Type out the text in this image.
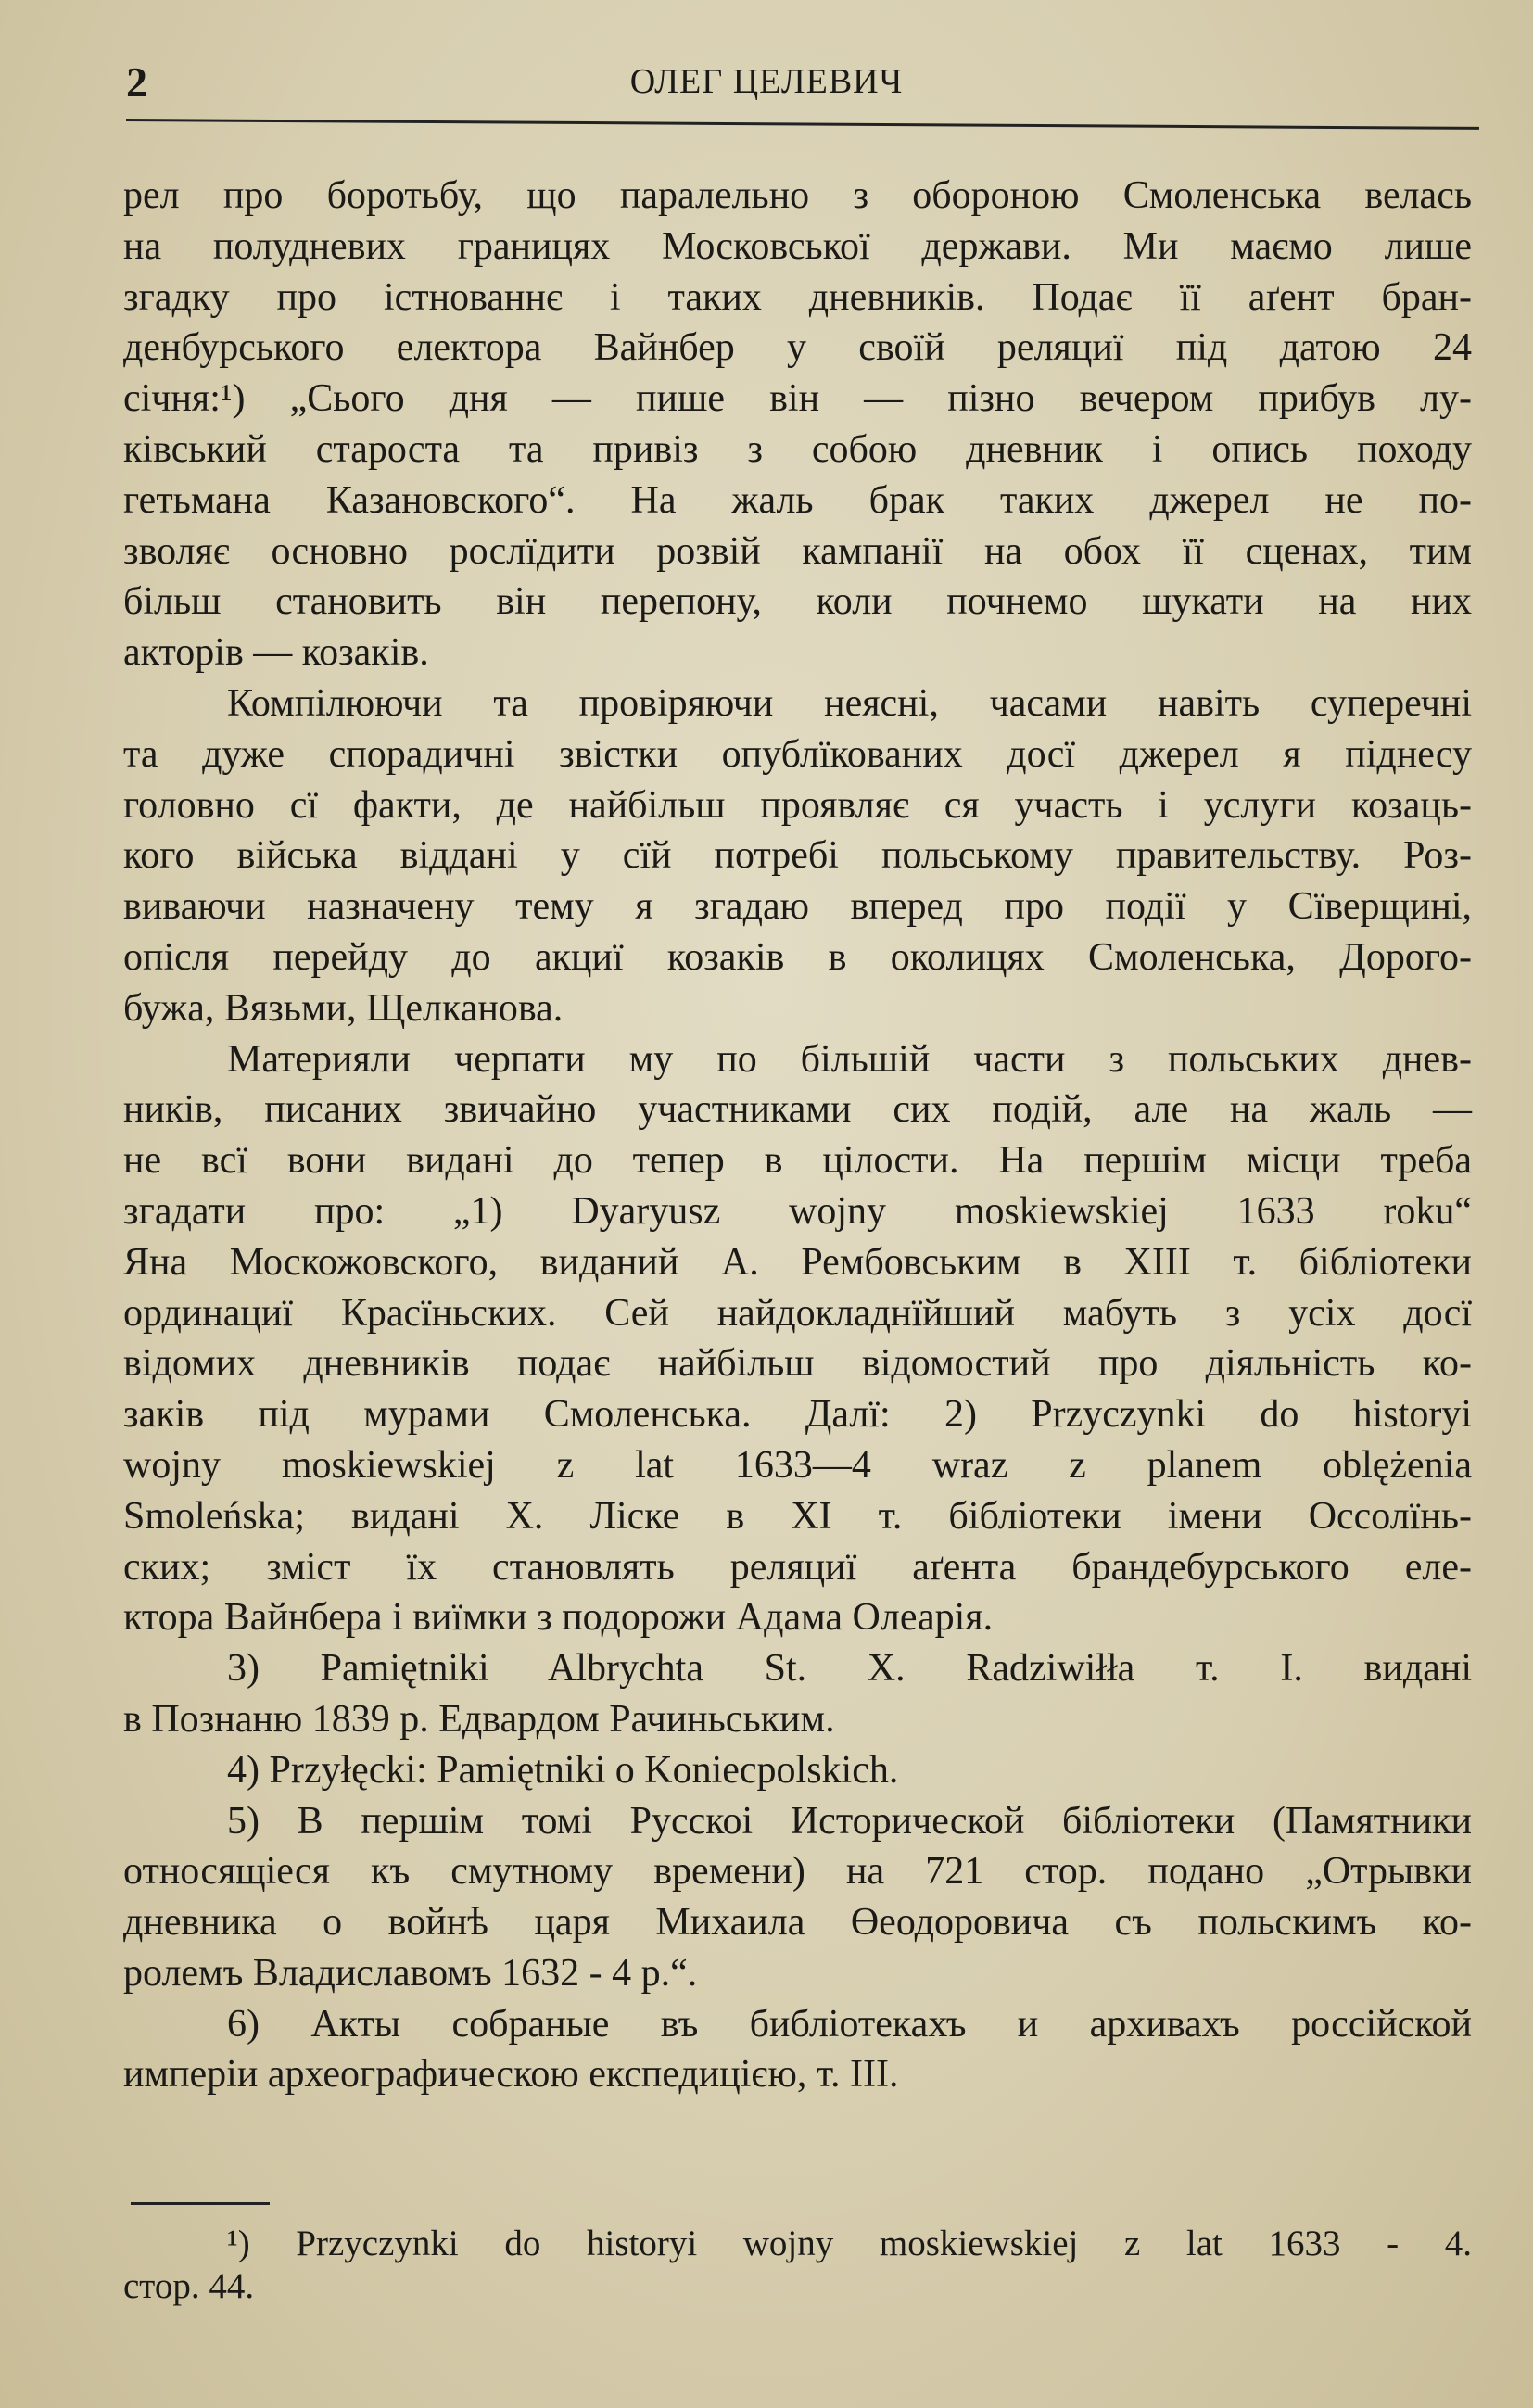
2	ОЛЕГ ЦЕЛЕВИЧ
рел про боротьбу, що паралельно з обороною Смоленська велась
на полудневих границях Московської держави. Ми маємо лише
згадку про істнованнє і таких дневників. Подає її аґент бран-
денбурського електора Вайнбер у своїй реляциї під датою 24
січня:¹) „Сього дня — пише він — пізно вечером прибув лу-
ківський староста та привіз з собою дневник і опись походу
гетьмана Казановского“. На жаль брак таких джерел не по-
зволяє основно рослїдити розвій кампанії на обох її сценах, тим
більш становить він перепону, коли почнемо шукати на них
акторів — козаків.
Компілюючи та провіряючи неясні, часами навіть суперечні
та дуже спорадичні звістки опублїкованих досї джерел я піднесу
головно сї факти, де найбільш проявляє ся участь і услуги козаць-
кого війська віддані у сїй потребі польському правительству. Роз-
виваючи назначену тему я згадаю вперед про події у Сїверщині,
опісля перейду до акциї козаків в околицях Смоленська, Дорого-
бужа, Вязьми, Щелканова.
Материяли черпати му по більшій части з польських днев-
ників, писаних звичайно участниками сих подій, але на жаль —
не всї вони видані до тепер в цілости. На першім місци треба
згадати про: „1) Dyaryusz wojny moskiewskiej 1633 roku“
Яна Москожовского, виданий А. Рембовським в XIII т. бібліотеки
ординациї Красїньских. Сей найдокладнїйший мабуть з усіх досї
відомих дневників подає найбільш відомостий про діяльність ко-
заків під мурами Смоленська. Далї: 2) Przyczynki do historyi
wojny moskiewskiej z lat 1633—4 wraz z planem oblężenia
Smoleńska; видані X. Ліске в XI т. бібліотеки імени Оссолїнь-
ских; зміст їх становлять реляциї аґента брандебурського еле-
ктора Вайнбера і виїмки з подорожи Адама Олеарія.
3) Pamiętniki Albrychta St. X. Radziwiłła т. I. видані
в Познаню 1839 р. Едвардом Рачиньським.
4) Przyłęcki: Pamiętniki o Koniecpolskich.
5) В першім томі Русскоі Исторической бібліотеки (Памятники
относящіеся къ смутному времени) на 721 стор. подано „Отрывки
дневника о войнѣ царя Михаила Өеодоровича съ польскимъ ко-
ролемъ Владиславомъ 1632 - 4 р.“.
6) Акты собраные въ библіотекахъ и архивахъ россійской
имперіи археографическою експедицією, т. III.
¹) Przyczynki do historyi wojny moskiewskiej z lat 1633 - 4.
стор. 44.
